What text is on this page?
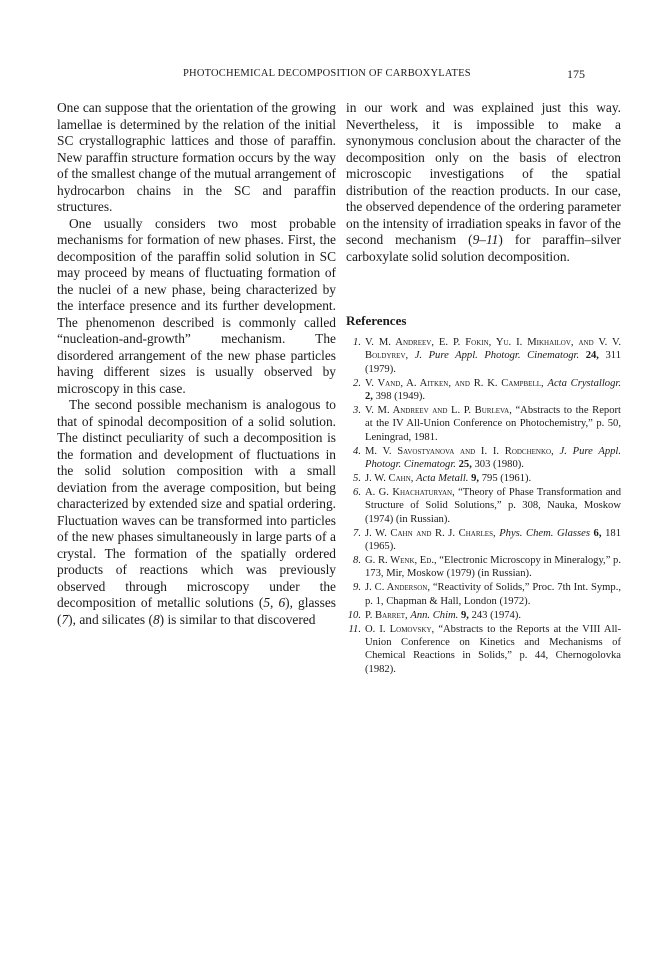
PHOTOCHEMICAL DECOMPOSITION OF CARBOXYLATES	175

One can suppose that the orientation of the growing lamellae is determined by the relation of the initial SC crystallographic lattices and those of paraffin. New paraffin structure formation occurs by the way of the smallest change of the mutual arrangement of hydrocarbon chains in the SC and paraffin structures.

One usually considers two most probable mechanisms for formation of new phases. First, the decomposition of the paraffin solid solution in SC may proceed by means of fluctuating formation of the nuclei of a new phase, being characterized by the interface presence and its further development. The phenomenon described is commonly called “nucleation-and-growth” mechanism. The disordered arrangement of the new phase particles having different sizes is usually observed by microscopy in this case.

The second possible mechanism is analogous to that of spinodal decomposition of a solid solution. The distinct peculiarity of such a decomposition is the formation and development of fluctuations in the solid solution composition with a small deviation from the average composition, but being characterized by extended size and spatial ordering. Fluctuation waves can be transformed into particles of the new phases simultaneously in large parts of a crystal. The formation of the spatially ordered products of reactions which was previously observed through microscopy under the decomposition of metallic solutions (5, 6), glasses (7), and silicates (8) is similar to that discovered

in our work and was explained just this way. Nevertheless, it is impossible to make a synonymous conclusion about the character of the decomposition only on the basis of electron microscopic investigations of the spatial distribution of the reaction products. In our case, the observed dependence of the ordering parameter on the intensity of irradiation speaks in favor of the second mechanism (9–11) for paraffin–silver carboxylate solid solution decomposition.

References
1. V. M. Andreev, E. P. Fokin, Yu. I. Mikhailov, and V. V. Boldyrev, J. Pure Appl. Photogr. Cinematogr. 24, 311 (1979).
2. V. Vand, A. Aitken, and R. K. Campbell, Acta Crystallogr. 2, 398 (1949).
3. V. M. Andreev and L. P. Burleva, “Abstracts to the Report at the IV All-Union Conference on Photochemistry,” p. 50, Leningrad, 1981.
4. M. V. Savostyanova and I. I. Rodchenko, J. Pure Appl. Photogr. Cinematogr. 25, 303 (1980).
5. J. W. Cahn, Acta Metall. 9, 795 (1961).
6. A. G. Khachaturyan, “Theory of Phase Transformation and Structure of Solid Solutions,” p. 308, Nauka, Moskow (1974) (in Russian).
7. J. W. Cahn and R. J. Charles, Phys. Chem. Glasses 6, 181 (1965).
8. G. R. Wenk, Ed., “Electronic Microscopy in Mineralogy,” p. 173, Mir, Moskow (1979) (in Russian).
9. J. C. Anderson, “Reactivity of Solids,” Proc. 7th Int. Symp., p. 1, Chapman & Hall, London (1972).
10. P. Barret, Ann. Chim. 9, 243 (1974).
11. O. I. Lomovsky, “Abstracts to the Reports at the VIII All-Union Conference on Kinetics and Mechanisms of Chemical Reactions in Solids,” p. 44, Chernogolovka (1982).
